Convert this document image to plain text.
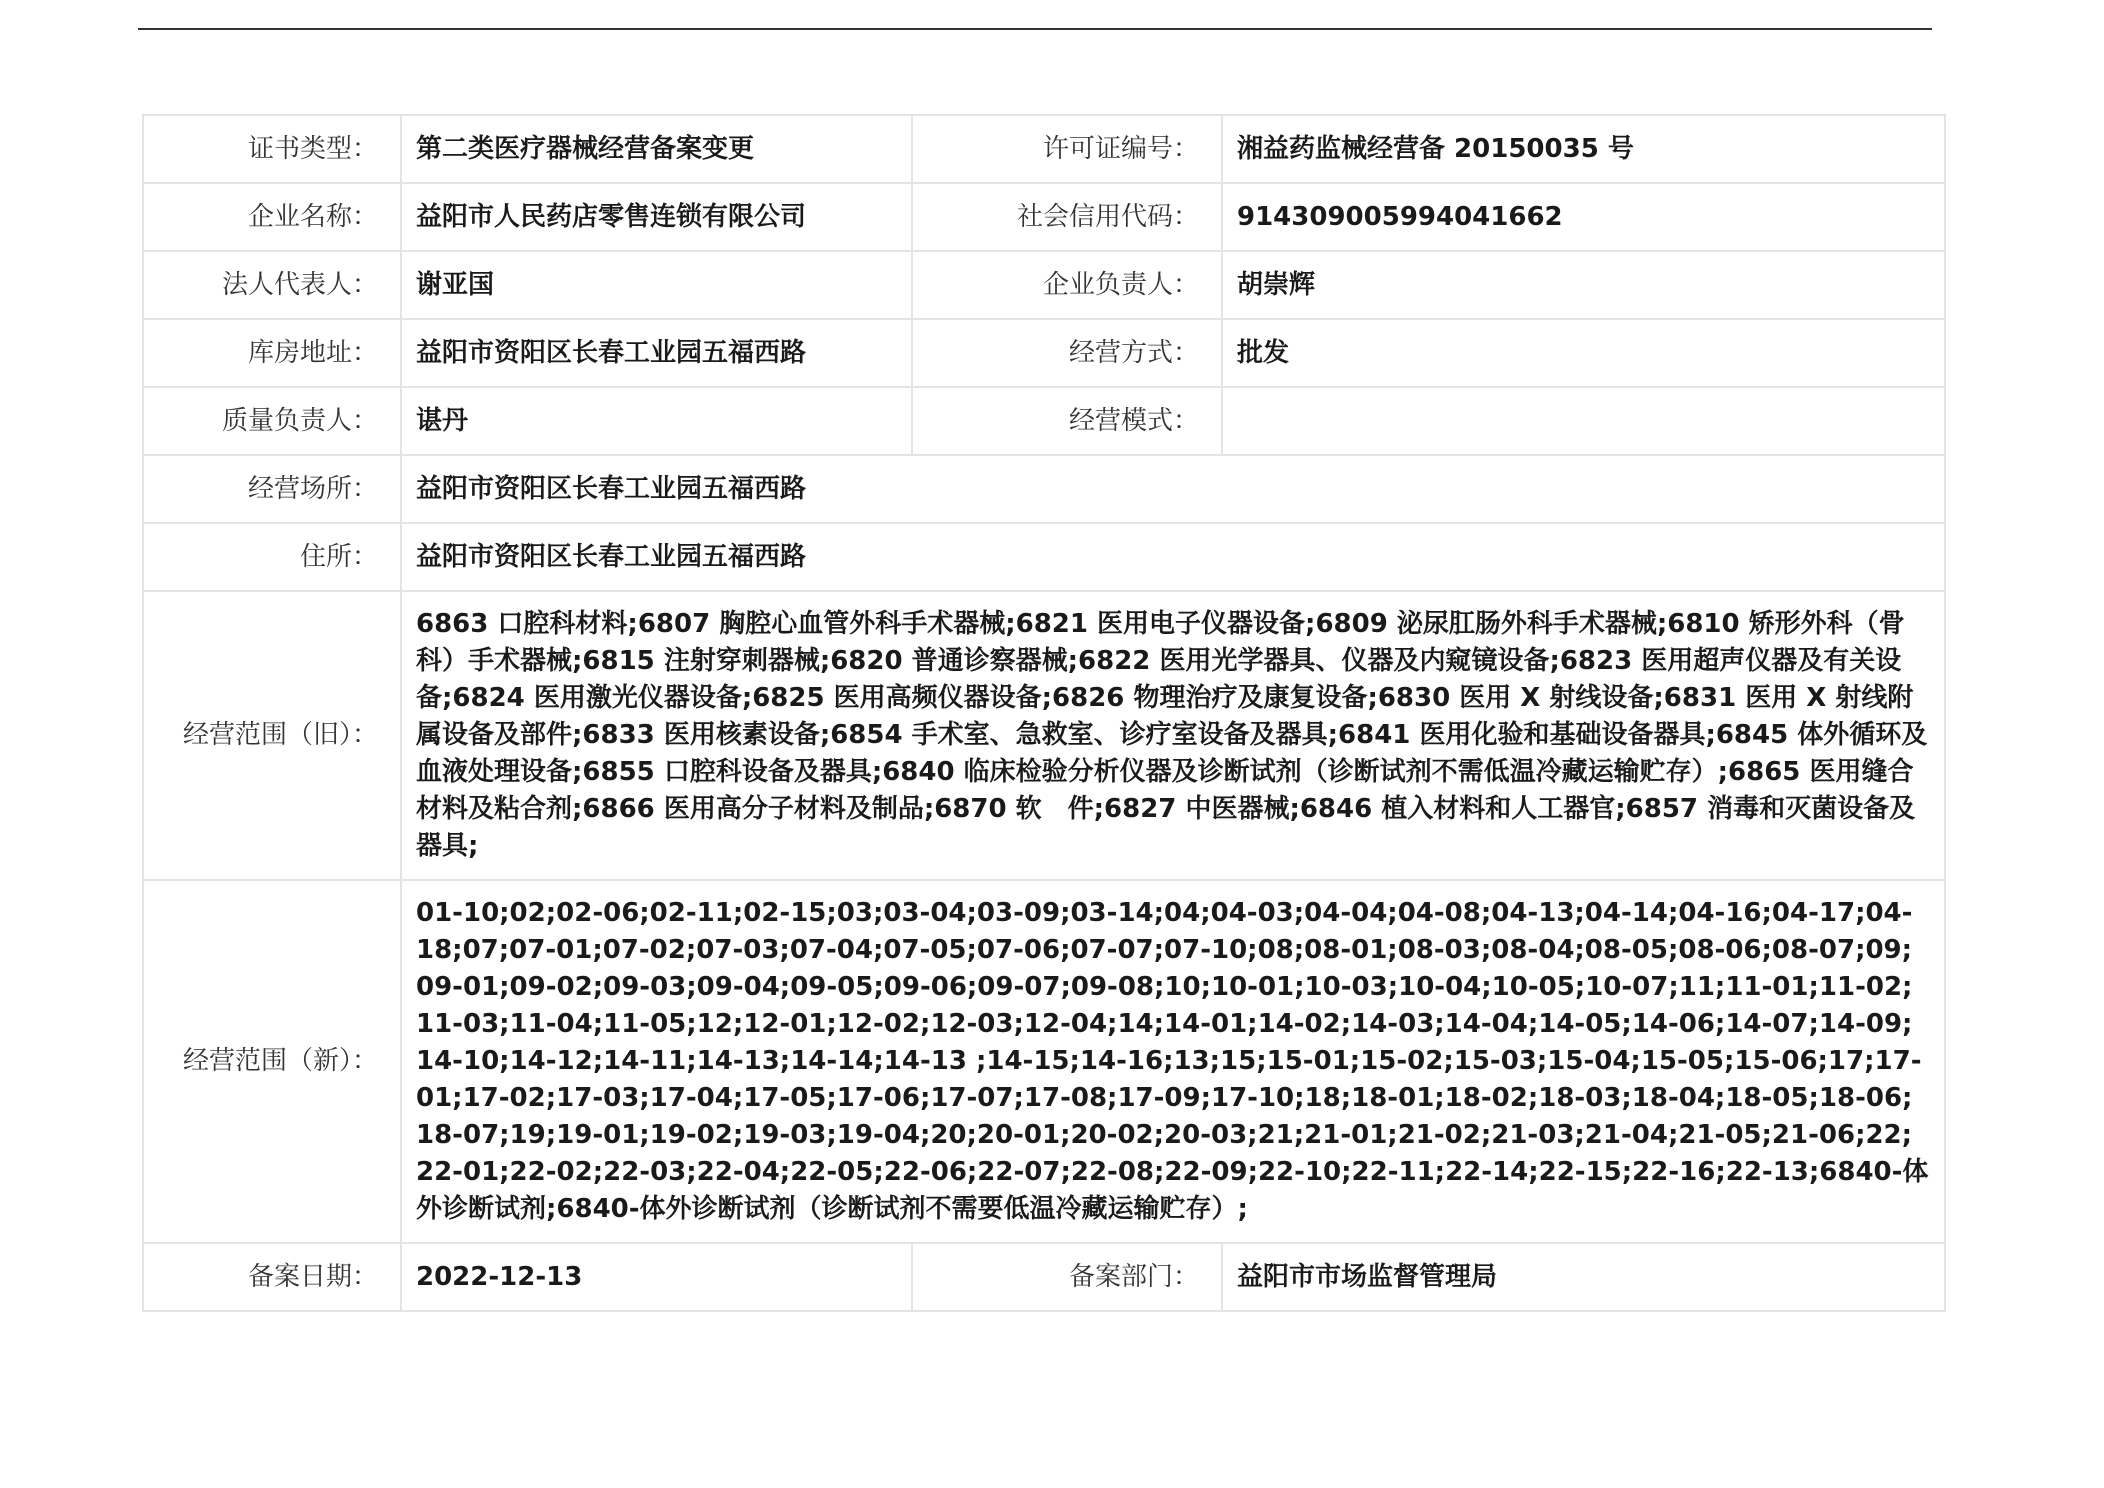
证书类型：	第二类医疗器械经营备案变更	许可证编号：	湘益药监械经营备 20150035 号
企业名称：	益阳市人民药店零售连锁有限公司	社会信用代码：	914309005994041662
法人代表人：	谢亚国	企业负责人：	胡崇辉
库房地址：	益阳市资阳区长春工业园五福西路	经营方式：	批发
质量负责人：	谌丹	经营模式：	
经营场所：	益阳市资阳区长春工业园五福西路		
住所：	益阳市资阳区长春工业园五福西路		
经营范围（旧）：	6863 口腔科材料;6807 胸腔心血管外科手术器械;6821 医用电子仪器设备;6809 泌尿肛肠外科手术器械;6810 矫形外科（骨科）手术器械;6815 注射穿刺器械;6820 普通诊察器械;6822 医用光学器具、仪器及内窥镜设备;6823 医用超声仪器及有关设备;6824 医用激光仪器设备;6825 医用高频仪器设备;6826 物理治疗及康复设备;6830 医用 X 射线设备;6831 医用 X 射线附属设备及部件;6833 医用核素设备;6854 手术室、急救室、诊疗室设备及器具;6841 医用化验和基础设备器具;6845 体外循环及血液处理设备;6855 口腔科设备及器具;6840 临床检验分析仪器及诊断试剂（诊断试剂不需低温冷藏运输贮存）;6865 医用缝合材料及粘合剂;6866 医用高分子材料及制品;6870 软　件;6827 中医器械;6846 植入材料和人工器官;6857 消毒和灭菌设备及器具;		
经营范围（新）：	01-10;02;02-06;02-11;02-15;03;03-04;03-09;03-14;04;04-03;04-04;04-08;04-13;04-14;04-16;04-17;04-18;07;07-01;07-02;07-03;07-04;07-05;07-06;07-07;07-10;08;08-01;08-03;08-04;08-05;08-06;08-07;09;09-01;09-02;09-03;09-04;09-05;09-06;09-07;09-08;10;10-01;10-03;10-04;10-05;10-07;11;11-01;11-02;11-03;11-04;11-05;12;12-01;12-02;12-03;12-04;14;14-01;14-02;14-03;14-04;14-05;14-06;14-07;14-09;14-10;14-12;14-11;14-13;14-14;14-13 ;14-15;14-16;13;15;15-01;15-02;15-03;15-04;15-05;15-06;17;17-01;17-02;17-03;17-04;17-05;17-06;17-07;17-08;17-09;17-10;18;18-01;18-02;18-03;18-04;18-05;18-06;18-07;19;19-01;19-02;19-03;19-04;20;20-01;20-02;20-03;21;21-01;21-02;21-03;21-04;21-05;21-06;22;22-01;22-02;22-03;22-04;22-05;22-06;22-07;22-08;22-09;22-10;22-11;22-14;22-15;22-16;22-13;6840-体外诊断试剂;6840-体外诊断试剂（诊断试剂不需要低温冷藏运输贮存）;		
备案日期：	2022-12-13	备案部门：	益阳市市场监督管理局
